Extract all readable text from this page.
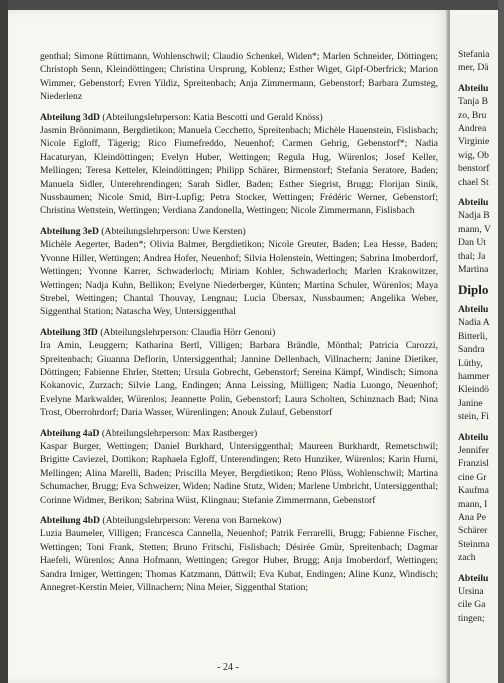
genthal; Simone Rüttimann, Wohlenschwil; Claudio Schenkel, Widen*; Marlen Schneider, Döttingen; Christoph Senn, Kleindöttingen; Christina Ursprung, Koblenz; Esther Wiget, Gipf-Oberfrick; Marion Wimmer, Gebenstorf; Evren Yildiz, Spreitenbach; Anja Zimmermann, Gebenstorf; Barbara Zumsteg, Niederlenz

Abteilung 3dD (Abteilungslehrperson: Katia Bescotti und Gerald Knöss)

Jasmin Brönnimann, Bergdietikon; Manuela Cecchetto, Spreitenbach; Michèle Hauenstein, Fislisbach; Nicole Egloff, Tägerig; Rico Fiumefreddo, Neuenhof; Carmen Gehrig, Gebenstorf*; Nadia Hacaturyan, Kleindöttingen; Evelyn Huber, Wettingen; Regula Hug, Würenlos; Josef Keller, Mellingen; Teresa Ketteler, Kleindöttingen; Philipp Schärer, Birmenstorf; Stefania Seratore, Baden; Manuela Sidler, Unterehrendingen; Sarah Sidler, Baden; Esther Siegrist, Brugg; Florijan Sinik, Nussbaumen; Nicole Smid, Birr-Lupfig; Petra Stocker, Wettingen; Frédéric Werner, Gebenstorf; Christina Wettstein, Wettingen; Verdiana Zandonella, Wettingen; Nicole Zimmermann, Fislisbach

Abteilung 3eD (Abteilungslehrperson: Uwe Kersten)

Michèle Aegerter, Baden*; Olivia Balmer, Bergdietikon; Nicole Greuter, Baden; Lea Hesse, Baden; Yvonne Hiller, Wettingen; Andrea Hofer, Neuenhof; Silvia Holenstein, Wettingen; Sabrina Imoberdorf, Wettingen; Yvonne Karrer, Schwaderloch; Miriam Kohler, Schwaderloch; Marlen Krakowitzer, Wettingen; Nadja Kuhn, Bellikon; Evelyne Niederberger, Künten; Martina Schuler, Würenlos; Maya Strebel, Wettingen; Chantal Thouvay, Lengnau; Lucia Übersax, Nussbaumen; Angelika Weber, Siggenthal Station; Natascha Wey, Untersiggenthal

Abteilung 3fD (Abteilungslehrperson: Claudia Hörr Genoni)

Ira Amin, Leuggern; Katharina Bertl, Villigen; Barbara Brändle, Mönthal; Patricia Carozzi, Spreitenbach; Giuanna Deflorin, Untersiggenthal; Jannine Dellenbach, Villnachern; Janine Dietiker, Döttingen; Fabienne Ehrler, Stetten; Ursula Gobrecht, Gebenstorf; Sereina Kämpf, Windisch; Simona Kokanovic, Zurzach; Silvie Lang, Endingen; Anna Leissing, Mülligen; Nadia Luongo, Neuenhof; Evelyne Markwalder, Würenlos; Jeannette Polin, Gebenstorf; Laura Scholten, Schinznach Bad; Nina Trost, Oberrohrdorf; Daria Wasser, Würenlingen; Anouk Zulauf, Gebenstorf

Abteilung 4aD (Abteilungslehrperson: Max Rastberger)

Kaspar Burger, Wettingen; Daniel Burkhard, Untersiggenthal; Maureen Burkhardt, Remetschwil; Brigitte Caviezel, Dottikon; Raphaela Egloff, Unterendingen; Reto Hunziker, Würenlos; Karin Hurni, Mellingen; Alina Marelli, Baden; Priscilla Meyer, Bergdietikon; Reno Plüss, Wohlenschwil; Martina Schumacher, Brugg; Eva Schweizer, Widen; Nadine Stutz, Widen; Marlene Umbricht, Untersiggenthal; Corinne Widmer, Berikon; Sabrina Wüst, Klingnau; Stefanie Zimmermann, Gebenstorf

Abteilung 4bD (Abteilungslehrperson: Verena von Barnekow)

Luzia Baumeler, Villigen; Francesca Cannella, Neuenhof; Patrik Ferrarelli, Brugg; Fabienne Fischer, Wettingen; Toni Frank, Stetten; Bruno Fritschi, Fislisbach; Désirée Gmür, Spreitenbach; Dagmar Haefeli, Würenlos; Anna Hofmann, Wettingen; Gregor Huber, Brugg; Anja Imoberdorf, Wettingen; Sandra Irniger, Wettingen; Thomas Katzmann, Dättwil; Eva Kubat, Endingen; Aline Kunz, Windisch; Annegret-Kerstin Meier, Villnachern; Nina Meier, Siggenthal Station;

- 24 -
Stefania
mer, Dä
Abteilu
Tanja B
zo, Bru
Andrea
Virginie
wig, Ob
benstorf
chael St
Abteilu
Nadja B
mann, V
Dan Ut
thal; Ja
Martina
Diplo
Abteilu
Nadia A
Bitterli,
Sandra
Lüthy,
hammer
Kleindö
Janine
stein, Fi
Abteilu
Jennifer
Franzisl
cine Gr
Kaufma
mann, I
Ana Pe
Schärer
Steinma
zach
Abteilu
Ursina
cile Ga
tingen;
